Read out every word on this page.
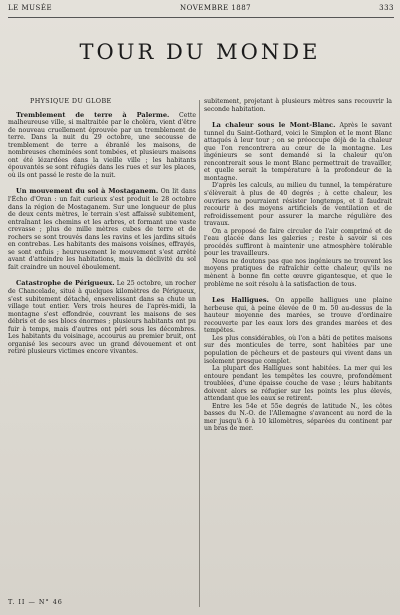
LE MUSÉE	NOVEMBRE 1887	333
TOUR DU MONDE
PHYSIQUE DU GLOBE

Tremblement de terre à Palerme. Cette malheureuse ville, si maltraitée par le choléra, vient d'être de nouveau cruellement éprouvée par un tremblement de terre. Dans la nuit du 29 octobre, une secousse de tremblement de terre a ébranlé les maisons, de nombreuses cheminées sont tombées, et plusieurs maisons ont été lézardées dans la vieille ville ; les habitants épouvantés se sont réfugiés dans les rues et sur les places, où ils ont passé le reste de la nuit.

Un mouvement du sol à Mostaganem. On lit dans l'Écho d'Oran : un fait curieux s'est produit le 28 octobre dans la région de Mostaganem. Sur une longueur de plus de deux cents mètres, le terrain s'est affaissé subitement, entraînant les chemins et les arbres, et formant une vaste crevasse ; plus de mille mètres cubes de terre et de rochers se sont trouvés dans les ravins et les jardins situés en contrebas. Les habitants des maisons voisines, effrayés, se sont enfuis ; heureusement le mouvement s'est arrêté avant d'atteindre les habitations, mais la déclivité du sol fait craindre un nouvel éboulement.

Catastrophe de Périgueux. Le 25 octobre, un rocher de Chancelade, situé à quelques kilomètres de Périgueux, s'est subitement détaché, ensevelissant dans sa chute un village tout entier. Vers trois heures de l'après-midi, la montagne s'est effondrée, couvrant les maisons de ses débris et de ses blocs énormes ; plusieurs habitants ont pu fuir à temps, mais d'autres ont péri sous les décombres. Les habitants du voisinage, accourus au premier bruit, ont organisé les secours avec un grand dévouement et ont retiré plusieurs victimes encore vivantes.

subitement, projetant à plusieurs mètres sans recouvrir la seconde habitation.

La chaleur sous le Mont-Blanc. Après le savant tunnel du Saint-Gothard, voici le Simplon et le mont Blanc attaqués à leur tour ; on se préoccupe déjà de la chaleur que l'on rencontrera au cœur de la montagne. Les ingénieurs se sont demandé si la chaleur qu'on rencontrerait sous le mont Blanc permettrait de travailler, et quelle serait la température à la profondeur de la montagne.

D'après les calculs, au milieu du tunnel, la température s'élèverait à plus de 40 degrés ; à cette chaleur, les ouvriers ne pourraient résister longtemps, et il faudrait recourir à des moyens artificiels de ventilation et de refroidissement pour assurer la marche régulière des travaux.

On a proposé de faire circuler de l'air comprimé et de l'eau glacée dans les galeries ; reste à savoir si ces procédés suffiront à maintenir une atmosphère tolérable pour les travailleurs.

Nous ne doutons pas que nos ingénieurs ne trouvent les moyens pratiques de rafraîchir cette chaleur, qu'ils ne mènent à bonne fin cette œuvre gigantesque, et que le problème ne soit résolu à la satisfaction de tous.

Les Halligues. On appelle halligues une plaine herbeuse qui, à peine élevée de 0 m. 50 au-dessus de la hauteur moyenne des marées, se trouve d'ordinaire recouverte par les eaux lors des grandes marées et des tempêtes.

Les plus considérables, où l'on a bâti de petites maisons sur des monticules de terre, sont habitées par une population de pêcheurs et de pasteurs qui vivent dans un isolement presque complet.

La plupart des Halligues sont habitées. La mer qui les entoure pendant les tempêtes les couvre, profondément troublées, d'une épaisse couche de vase ; leurs habitants doivent alors se réfugier sur les points les plus élevés, attendant que les eaux se retirent.

Entre les 54e et 55e degrés de latitude N., les côtes basses du N.-O. de l'Allemagne s'avancent au nord de la mer jusqu'à 6 à 10 kilomètres, séparées du continent par un bras de mer.

T. II — N° 46
